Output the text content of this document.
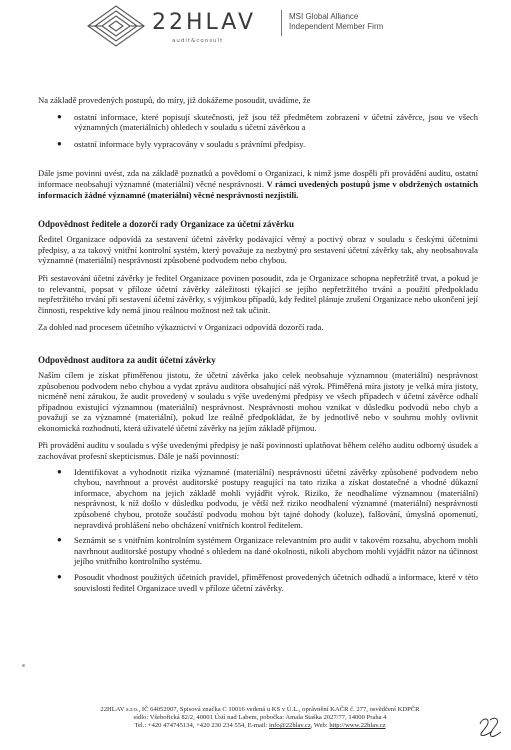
22HLAV
audit&consult
MSI Global Alliance
Independent Member Firm

Na základě provedených postupů, do míry, již dokážeme posoudit, uvádíme, že

● ostatní informace, které popisují skutečnosti, jež jsou též předmětem zobrazení v účetní závěrce, jsou ve všech významných (materiálních) ohledech v souladu s účetní závěrkou a
● ostatní informace byly vypracovány v souladu s právními předpisy.

Dále jsme povinni uvést, zda na základě poznatků a povědomí o Organizaci, k nimž jsme dospěli při provádění auditu, ostatní informace neobsahují významné (materiální) věcné nesprávnosti. V rámci uvedených postupů jsme v obdržených ostatních informacích žádné významné (materiální) věcné nesprávnosti nezjistili.

Odpovědnost ředitele a dozorčí rady Organizace za účetní závěrku

Ředitel Organizace odpovídá za sestavení účetní závěrky podávající věrný a poctivý obraz v souladu s českými účetními předpisy, a za takový vnitřní kontrolní systém, který považuje za nezbytný pro sestavení účetní závěrky tak, aby neobsahovala významné (materiální) nesprávnosti způsobené podvodem nebo chybou.

Při sestavování účetní závěrky je ředitel Organizace povinen posoudit, zda je Organizace schopna nepřetržitě trvat, a pokud je to relevantní, popsat v příloze účetní závěrky záležitosti týkající se jejího nepřetržitého trvání a použití předpokladu nepřetržitého trvání při sestavení účetní závěrky, s výjimkou případů, kdy ředitel plánuje zrušení Organizace nebo ukončení její činnosti, respektive kdy nemá jinou reálnou možnost než tak učinit.

Za dohled nad procesem účetního výkaznictví v Organizaci odpovídá dozorčí rada.

Odpovědnost auditora za audit účetní závěrky

Naším cílem je získat přiměřenou jistotu, že účetní závěrka jako celek neobsahuje významnou (materiální) nesprávnost způsobenou podvodem nebo chybou a vydat zprávu auditora obsahující náš výrok. Přiměřená míra jistoty je velká míra jistoty, nicméně není zárukou, že audit provedený v souladu s výše uvedenými předpisy ve všech případech v účetní závěrce odhalí případnou existující významnou (materiální) nesprávnost. Nesprávnosti mohou vznikat v důsledku podvodů nebo chyb a považují se za významné (materiální), pokud lze reálně předpokládat, že by jednotlivě nebo v souhrnu mohly ovlivnit ekonomická rozhodnutí, která uživatelé účetní závěrky na jejím základě přijmou.

Při provádění auditu v souladu s výše uvedenými předpisy je naší povinností uplatňovat během celého auditu odborný úsudek a zachovávat profesní skepticismus. Dále je naší povinností:

● Identifikovat a vyhodnotit rizika významné (materiální) nesprávnosti účetní závěrky způsobené podvodem nebo chybou, navrhnout a provést auditorské postupy reagující na tato rizika a získat dostatečné a vhodné důkazní informace, abychom na jejich základě mohli vyjádřit výrok. Riziko, že neodhalíme významnou (materiální) nesprávnost, k níž došlo v důsledku podvodu, je větší než riziko neodhalení významné (materiální) nesprávnosti způsobené chybou, protože součástí podvodu mohou být tajné dohody (koluze), falšování, úmyslná opomenutí, nepravdivá prohlášení nebo obcházení vnitřních kontrol ředitelem.
● Seznámit se s vnitřním kontrolním systémem Organizace relevantním pro audit v takovém rozsahu, abychom mohli navrhnout auditorské postupy vhodné s ohledem na dané okolnosti, nikoli abychom mohli vyjádřit názor na účinnost jejího vnitřního kontrolního systému.
● Posoudit vhodnost použitých účetních pravidel, přiměřenost provedených účetních odhadů a informace, které v této souvislosti ředitel Organizace uvedl v příloze účetní závěrky.
22HLAV s.r.o., IČ 64052907, Spisová značka C 10016 vedená u KS v Ú.L., oprávnění KAČR č. 277, osvědčení KDPČR
sídlo: Všebořická 82/2, 40001 Ústí nad Labem, pobočka: Amala Staška 2027/77, 14000 Praha 4
Tel.: +420 474745134, +420 230 234 554, E-mail: info@22hlav.cz, Web: http://www.22hlav.cz
